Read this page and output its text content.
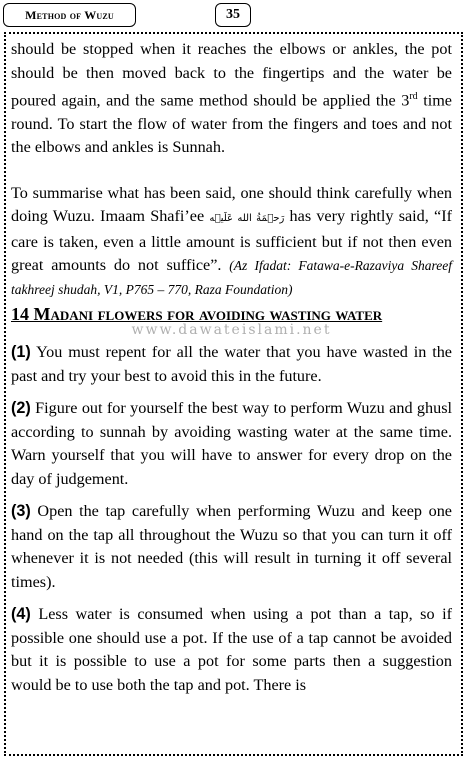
Method of Wuzu	35

should be stopped when it reaches the elbows or ankles, the pot should be then moved back to the fingertips and the water be poured again, and the same method should be applied the 3rd time round. To start the flow of water from the fingers and toes and not the elbows and ankles is Sunnah.

To summarise what has been said, one should think carefully when doing Wuzu. Imaam Shafi’ee رَحۡمَةُ الله عَلَيۡه has very rightly said, “If care is taken, even a little amount is sufficient but if not then even great amounts do not suffice”. (Az Ifadat: Fatawa-e-Razaviya Shareef takhreej shudah, V1, P765 – 770, Raza Foundation)

14 Madani flowers for avoiding wasting water

www.dawateislami.net

(1) You must repent for all the water that you have wasted in the past and try your best to avoid this in the future.

(2) Figure out for yourself the best way to perform Wuzu and ghusl according to sunnah by avoiding wasting water at the same time. Warn yourself that you will have to answer for every drop on the day of judgement.

(3) Open the tap carefully when performing Wuzu and keep one hand on the tap all throughout the Wuzu so that you can turn it off whenever it is not needed (this will result in turning it off several times).

(4) Less water is consumed when using a pot than a tap, so if possible one should use a pot. If the use of a tap cannot be avoided but it is possible to use a pot for some parts then a suggestion would be to use both the tap and pot. There is
